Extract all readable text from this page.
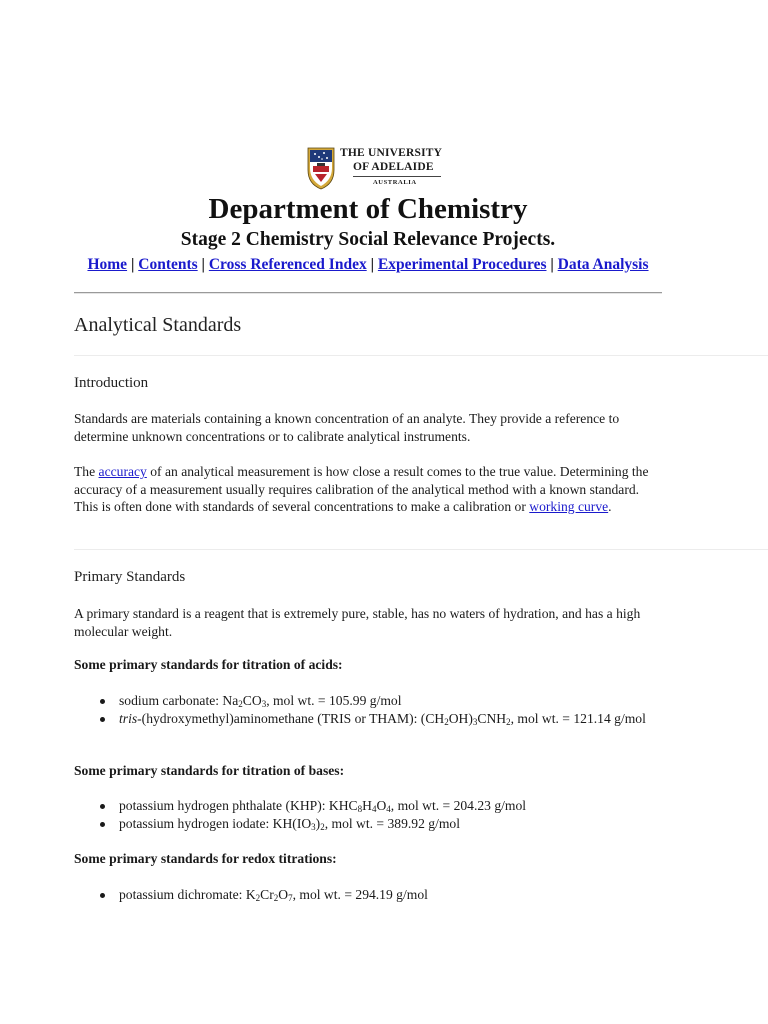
THE UNIVERSITY
OF ADELAIDE
AUSTRALIA
Department of Chemistry
Stage 2 Chemistry Social Relevance Projects.
Home | Contents | Cross Referenced Index | Experimental Procedures | Data Analysis
Analytical Standards
Introduction

Standards are materials containing a known concentration of an analyte. They provide a reference to determine unknown concentrations or to calibrate analytical instruments.

The accuracy of an analytical measurement is how close a result comes to the true value. Determining the accuracy of a measurement usually requires calibration of the analytical method with a known standard. This is often done with standards of several concentrations to make a calibration or working curve.

Primary Standards

A primary standard is a reagent that is extremely pure, stable, has no waters of hydration, and has a high molecular weight.

Some primary standards for titration of acids:

sodium carbonate: $Na_2CO_3$, mol wt. = 105.99 g/mol
tris-(hydroxymethyl)aminomethane (TRIS or THAM): $(CH_2OH)_3CNH_2$, mol wt. = 121.14 g/mol

Some primary standards for titration of bases:

potassium hydrogen phthalate (KHP): $KHC_8H_4O_4$, mol wt. = 204.23 g/mol
potassium hydrogen iodate: $KH(IO_3)_2$, mol wt. = 389.92 g/mol

Some primary standards for redox titrations:

potassium dichromate: $K_2Cr_2O_7$, mol wt. = 294.19 g/mol
